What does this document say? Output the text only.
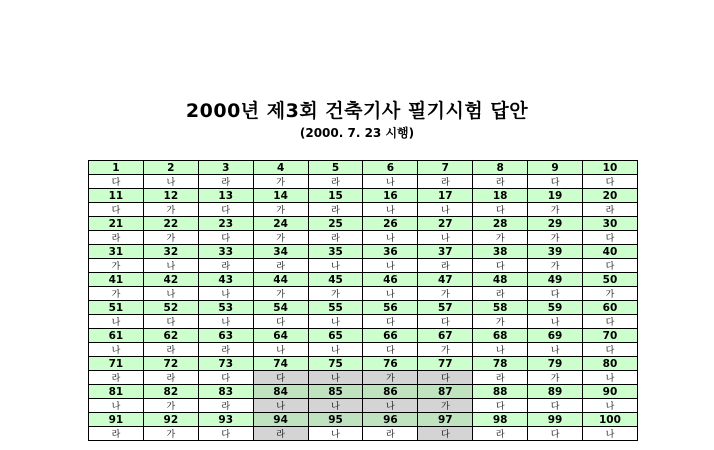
2000년 제3회 건축기사 필기시험 답안
(2000. 7. 23 시행)
1	2	3	4	5	6	7	8	9	10
다	나	라	가	라	나	라	라	다	다
11	12	13	14	15	16	17	18	19	20
다	가	다	가	라	나	나	다	가	라
21	22	23	24	25	26	27	28	29	30
라	가	다	가	라	나	나	가	가	다
31	32	33	34	35	36	37	38	39	40
가	나	라	라	나	나	라	다	가	다
41	42	43	44	45	46	47	48	49	50
가	나	나	가	가	나	가	라	다	가
51	52	53	54	55	56	57	58	59	60
나	다	나	다	나	다	다	가	나	다
61	62	63	64	65	66	67	68	69	70
나	라	라	나	나	다	가	나	나	다
71	72	73	74	75	76	77	78	79	80
라	라	다	다	나	가	다	라	가	나
81	82	83	84	85	86	87	88	89	90
나	가	라	나	나	나	가	다	다	나
91	92	93	94	95	96	97	98	99	100
라	가	다	라	나	라	다	라	다	나
